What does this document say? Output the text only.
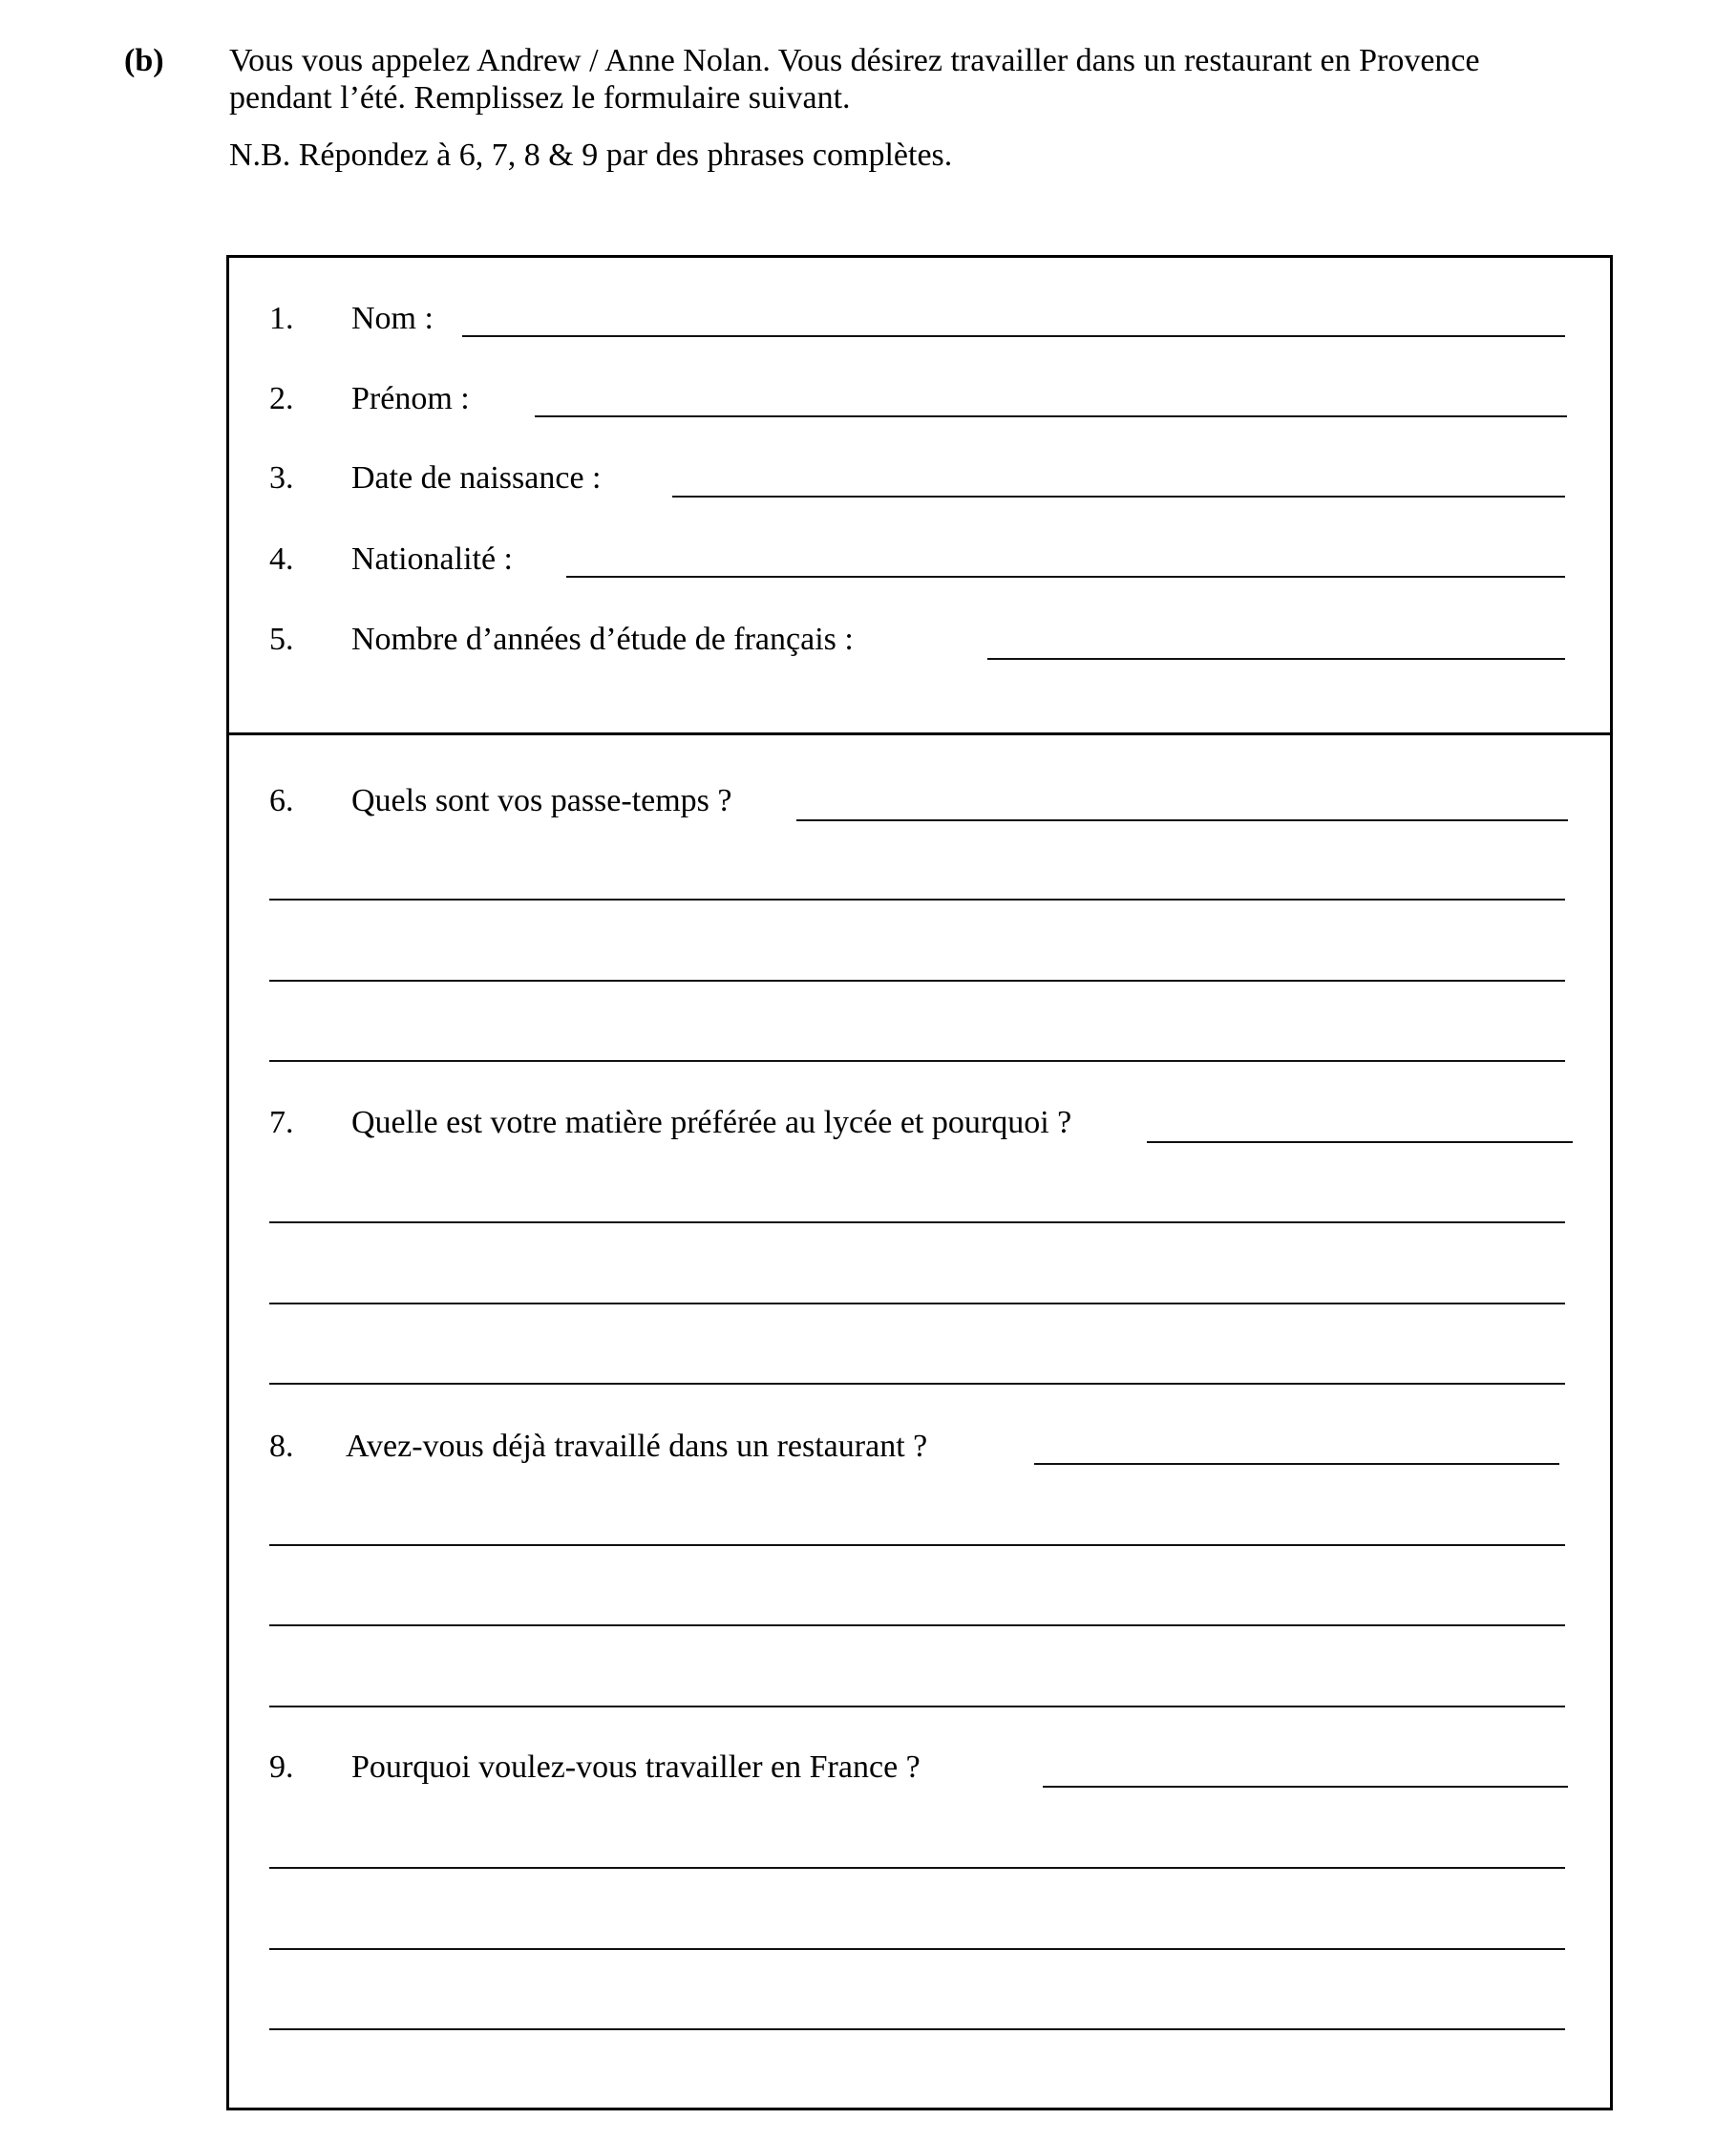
(b) Vous vous appelez Andrew / Anne Nolan. Vous désirez travailler dans un restaurant en Provence
pendant l’été. Remplissez le formulaire suivant.
N.B. Répondez à 6, 7, 8 & 9 par des phrases complètes.
1. Nom :
2. Prénom :
3. Date de naissance :
4. Nationalité :
5. Nombre d’années d’étude de français :
6. Quels sont vos passe-temps ?
7. Quelle est votre matière préférée au lycée et pourquoi ?
8. Avez-vous déjà travaillé dans un restaurant ?
9. Pourquoi voulez-vous travailler en France ?
